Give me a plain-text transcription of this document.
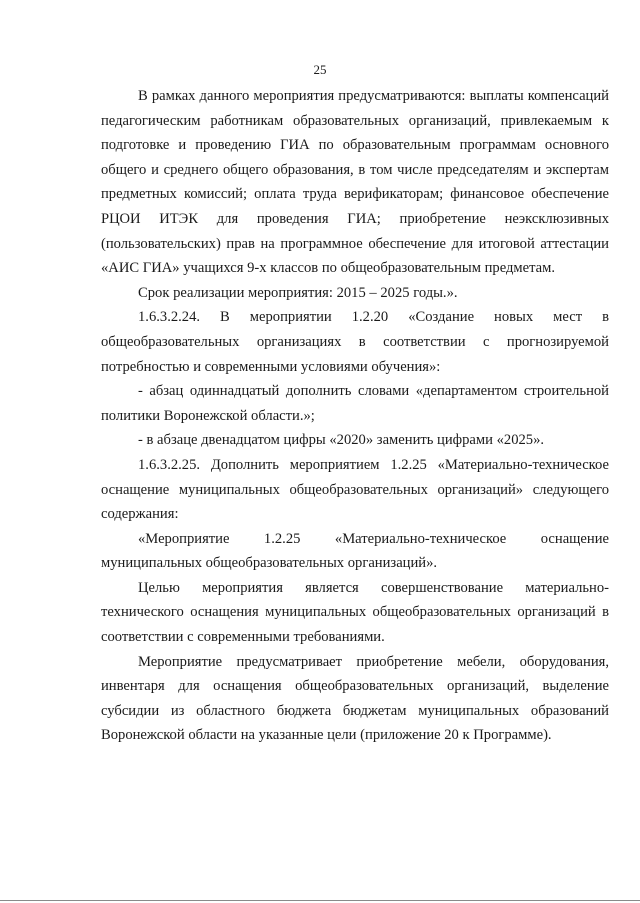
25

В рамках данного мероприятия предусматриваются: выплаты компенсаций педагогическим работникам образовательных организаций, привлекаемым к подготовке и проведению ГИА по образовательным программам основного общего и среднего общего образования, в том числе председателям и экспертам предметных комиссий; оплата труда верификаторам; финансовое обеспечение РЦОИ ИТЭК для проведения ГИА; приобретение неэксклюзивных (пользовательских) прав на программное обеспечение для итоговой аттестации «АИС ГИА» учащихся 9-х классов по общеобразовательным предметам.

Срок реализации мероприятия: 2015 – 2025 годы.».

1.6.3.2.24. В мероприятии 1.2.20 «Создание новых мест в общеобразовательных организациях в соответствии с прогнозируемой потребностью и современными условиями обучения»:

- абзац одиннадцатый дополнить словами «департаментом строительной политики Воронежской области.»;

- в абзаце двенадцатом цифры «2020» заменить цифрами «2025».

1.6.3.2.25. Дополнить мероприятием 1.2.25 «Материально-техническое оснащение муниципальных общеобразовательных организаций» следующего содержания:

«Мероприятие 1.2.25 «Материально-техническое оснащение муниципальных общеобразовательных организаций».

Целью мероприятия является совершенствование материально-технического оснащения муниципальных общеобразовательных организаций в соответствии с современными требованиями.

Мероприятие предусматривает приобретение мебели, оборудования, инвентаря для оснащения общеобразовательных организаций, выделение субсидии из областного бюджета бюджетам муниципальных образований Воронежской области на указанные цели (приложение 20 к Программе).
